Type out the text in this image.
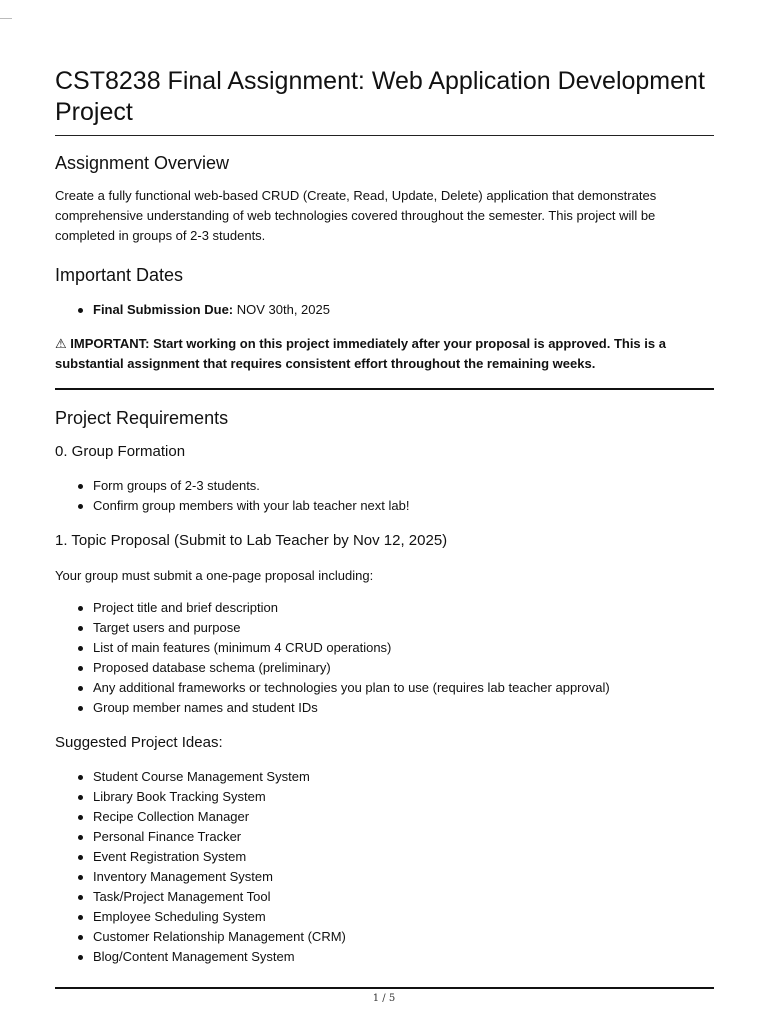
CST8238 Final Assignment: Web Application Development Project
Assignment Overview

Create a fully functional web-based CRUD (Create, Read, Update, Delete) application that demonstrates comprehensive understanding of web technologies covered throughout the semester. This project will be completed in groups of 2-3 students.

Important Dates
Final Submission Due: NOV 30th, 2025

⚠ IMPORTANT: Start working on this project immediately after your proposal is approved. This is a substantial assignment that requires consistent effort throughout the remaining weeks.

Project Requirements
0. Group Formation
Form groups of 2-3 students.
Confirm group members with your lab teacher next lab!
1. Topic Proposal (Submit to Lab Teacher by Nov 12, 2025)

Your group must submit a one-page proposal including:

Project title and brief description
Target users and purpose
List of main features (minimum 4 CRUD operations)
Proposed database schema (preliminary)
Any additional frameworks or technologies you plan to use (requires lab teacher approval)
Group member names and student IDs
Suggested Project Ideas:
Student Course Management System
Library Book Tracking System
Recipe Collection Manager
Personal Finance Tracker
Event Registration System
Inventory Management System
Task/Project Management Tool
Employee Scheduling System
Customer Relationship Management (CRM)
Blog/Content Management System
1 / 5
